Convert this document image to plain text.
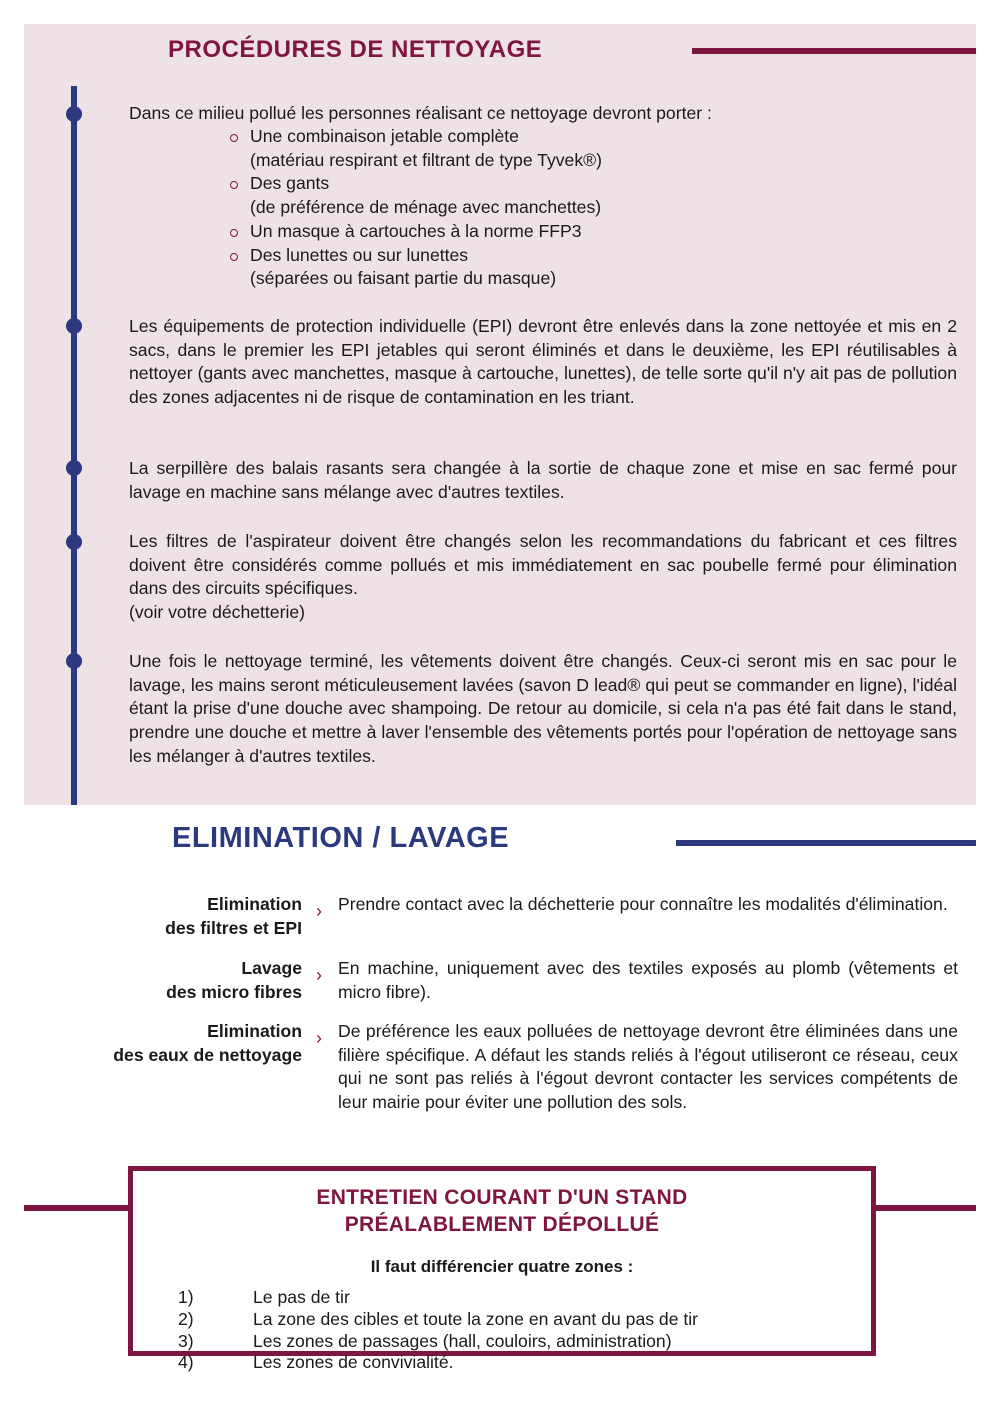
PROCÉDURES DE NETTOYAGE
Dans ce milieu pollué les personnes réalisant ce nettoyage devront porter :
Une combinaison jetable complète
(matériau respirant et filtrant de type Tyvek®)
Des gants
(de préférence de ménage avec manchettes)
Un masque à cartouches à la norme FFP3
Des lunettes ou sur lunettes
(séparées ou faisant partie du masque)
Les équipements de protection individuelle (EPI) devront être enlevés dans la zone nettoyée et mis en 2 sacs, dans le premier les EPI jetables qui seront éliminés et dans le deuxième, les EPI réutilisables à nettoyer (gants avec manchettes, masque à cartouche, lunettes), de telle sorte qu'il n'y ait pas de pollution des zones adjacentes ni de risque de contamination en les triant.
La serpillère des balais rasants sera changée à la sortie de chaque zone et mise en sac fermé pour lavage en machine sans mélange avec d'autres textiles.
Les filtres de l'aspirateur doivent être changés selon les recommandations du fabricant et ces filtres doivent être considérés comme pollués et mis immédiatement en sac poubelle fermé pour élimination dans des circuits spécifiques.
(voir votre déchetterie)
Une fois le nettoyage terminé, les vêtements doivent être changés. Ceux-ci seront mis en sac pour le lavage, les mains seront méticuleusement lavées (savon D lead® qui peut se commander en ligne), l'idéal étant la prise d'une douche avec shampoing. De retour au domicile, si cela n'a pas été fait dans le stand, prendre une douche et mettre à laver l'ensemble des vêtements portés pour l'opération de nettoyage sans les mélanger à d'autres textiles.
ELIMINATION / LAVAGE
Elimination
des filtres et EPI
› Prendre contact avec la déchetterie pour connaître les modalités d'élimination.
Lavage
des micro fibres
› En machine, uniquement avec des textiles exposés au plomb (vêtements et micro fibre).
Elimination
des eaux de nettoyage
› De préférence les eaux polluées de nettoyage devront être éliminées dans une filière spécifique. A défaut les stands reliés à l'égout utiliseront ce réseau, ceux qui ne sont pas reliés à l'égout devront contacter les services compétents de leur mairie pour éviter une pollution des sols.
ENTRETIEN COURANT D'UN STAND
PRÉALABLEMENT DÉPOLLUÉ
Il faut différencier quatre zones :
1)	Le pas de tir
2)	La zone des cibles et toute la zone en avant du pas de tir
3)	Les zones de passages (hall, couloirs, administration)
4)	Les zones de convivialité.
